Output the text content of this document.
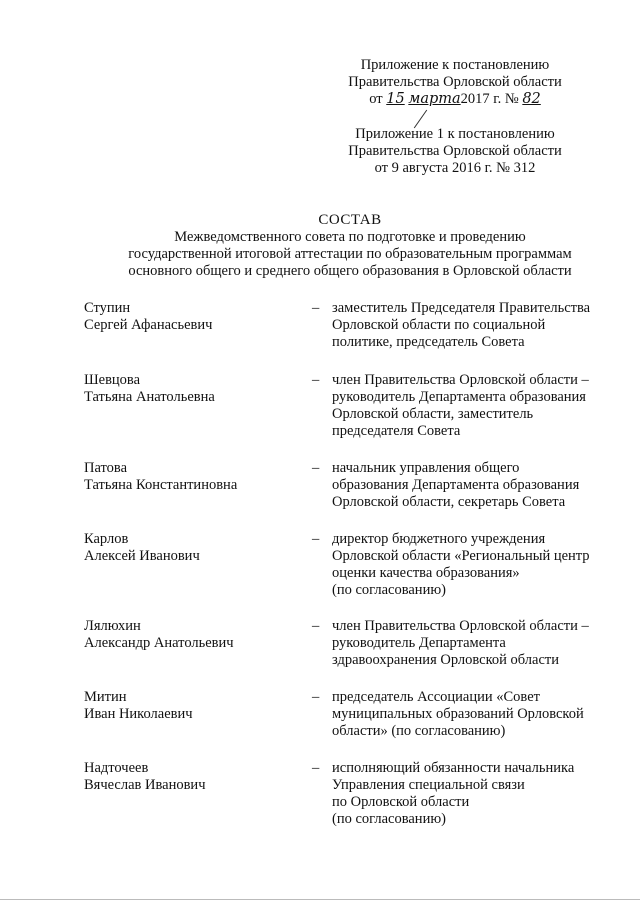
Приложение к постановлению
Правительства Орловской области
от 15 марта2017 г. № 82
Приложение 1 к постановлению
Правительства Орловской области
от 9 августа 2016 г. № 312
СОСТАВ
Межведомственного совета по подготовке и проведению
государственной итоговой аттестации по образовательным программам
основного общего и среднего общего образования в Орловской области
Ступин
Сергей Афанасьевич
– заместитель Председателя Правительства
Орловской области по социальной
политике, председатель Совета
Шевцова
Татьяна Анатольевна
– член Правительства Орловской области –
руководитель Департамента образования
Орловской области, заместитель
председателя Совета
Патова
Татьяна Константиновна
– начальник управления общего
образования Департамента образования
Орловской области, секретарь Совета
Карлов
Алексей Иванович
– директор бюджетного учреждения
Орловской области «Региональный центр
оценки качества образования»
(по согласованию)
Лялюхин
Александр Анатольевич
– член Правительства Орловской области –
руководитель Департамента
здравоохранения Орловской области
Митин
Иван Николаевич
– председатель Ассоциации «Совет
муниципальных образований Орловской
области» (по согласованию)
Надточеев
Вячеслав Иванович
– исполняющий обязанности начальника
Управления специальной связи
по Орловской области
(по согласованию)
